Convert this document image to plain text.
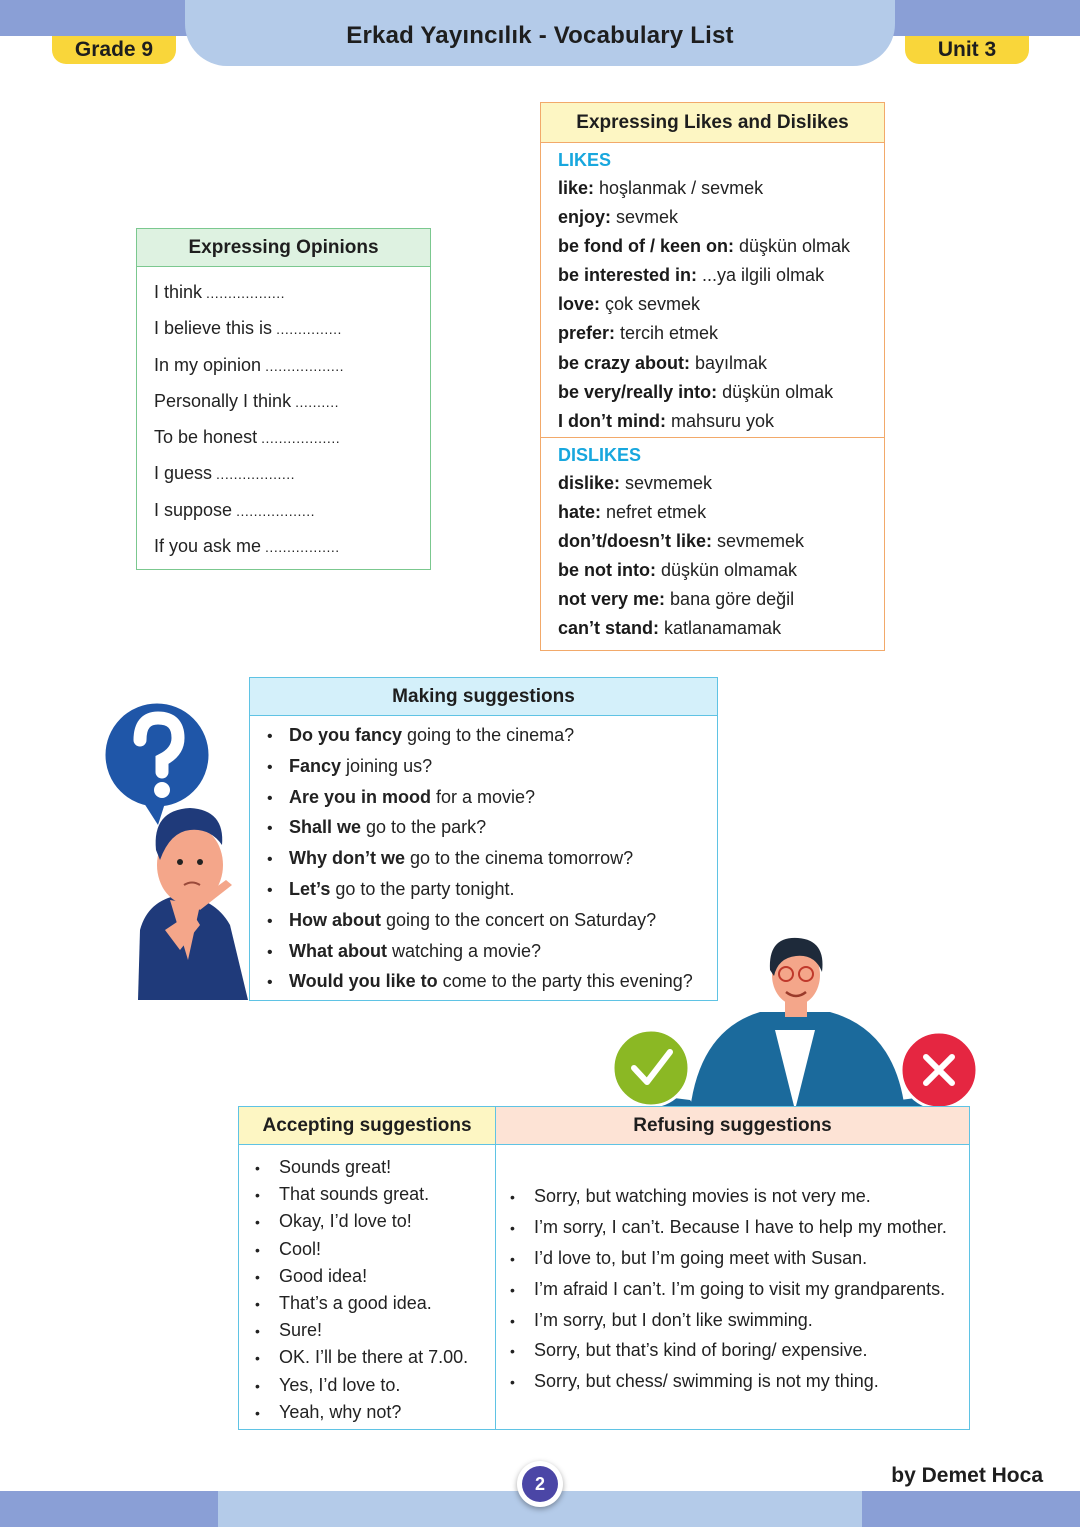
Erkad Yayıncılık - Vocabulary List
Grade 9	Unit 3
Expressing Opinions
I think ..................
I believe this is ...............
In my opinion ..................
Personally I think ..........
To be honest ..................
I guess ..................
I suppose ..................
If you ask me .................
Expressing Likes and Dislikes
LIKES
like: hoşlanmak / sevmek
enjoy: sevmek
be fond of / keen on: düşkün olmak
be interested in: ...ya ilgili olmak
love: çok sevmek
prefer: tercih etmek
be crazy about: bayılmak
be very/really into: düşkün olmak
I don’t mind: mahsuru yok
DISLIKES
dislike: sevmemek
hate: nefret etmek
don’t/doesn’t like: sevmemek
be not into: düşkün olmamak
not very me: bana göre değil
can’t stand: katlanamamak
Making suggestions
• Do you fancy going to the cinema?
• Fancy joining us?
• Are you in mood for a movie?
• Shall we go to the park?
• Why don’t we go to the cinema tomorrow?
• Let’s go to the party tonight.
• How about going to the concert on Saturday?
• What about watching a movie?
• Would you like to come to the party this evening?
Accepting suggestions
• Sounds great!
• That sounds great.
• Okay, I’d love to!
• Cool!
• Good idea!
• That’s a good idea.
• Sure!
• OK. I’ll be there at 7.00.
• Yes, I’d love to.
• Yeah, why not?
Refusing suggestions
• Sorry, but watching movies is not very me.
• I’m sorry, I can’t. Because I have to help my mother.
• I’d love to, but I’m going meet with Susan.
• I’m afraid I can’t. I’m going to visit my grandparents.
• I’m sorry, but I don’t like swimming.
• Sorry, but that’s kind of boring/ expensive.
• Sorry, but chess/ swimming is not my thing.
2	by Demet Hoca
